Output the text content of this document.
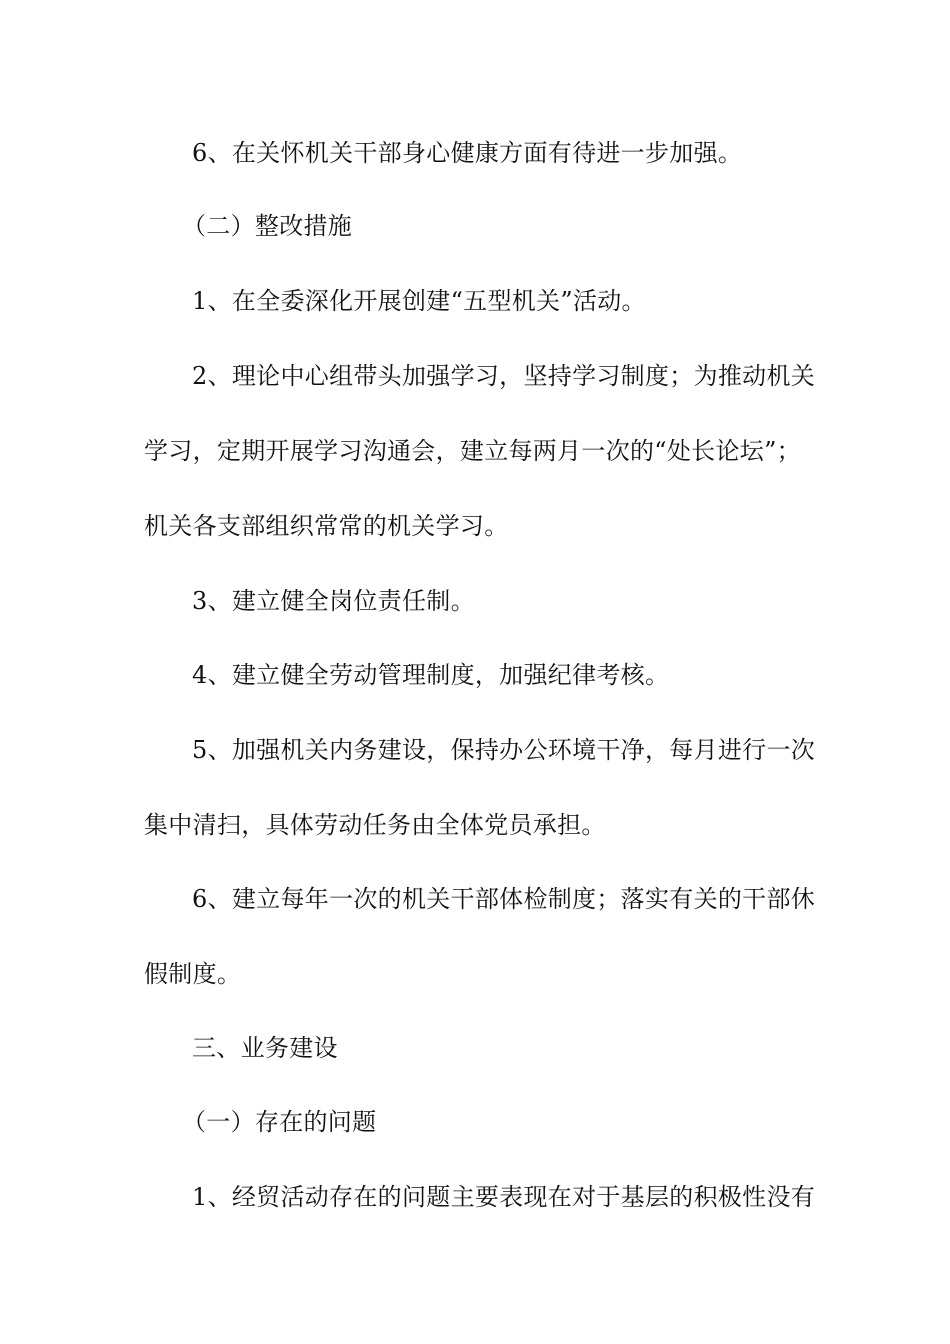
6、在关怀机关干部身心健康方面有待进一步加强。
（二）整改措施
1、在全委深化开展创建“五型机关”活动。
2、理论中心组带头加强学习，坚持学习制度；为推动机关
学习，定期开展学习沟通会，建立每两月一次的“处长论坛”；
机关各支部组织常常的机关学习。
3、建立健全岗位责任制。
4、建立健全劳动管理制度，加强纪律考核。
5、加强机关内务建设，保持办公环境干净，每月进行一次
集中清扫，具体劳动任务由全体党员承担。
6、建立每年一次的机关干部体检制度；落实有关的干部休
假制度。
三、业务建设
（一）存在的问题
1、经贸活动存在的问题主要表现在对于基层的积极性没有
